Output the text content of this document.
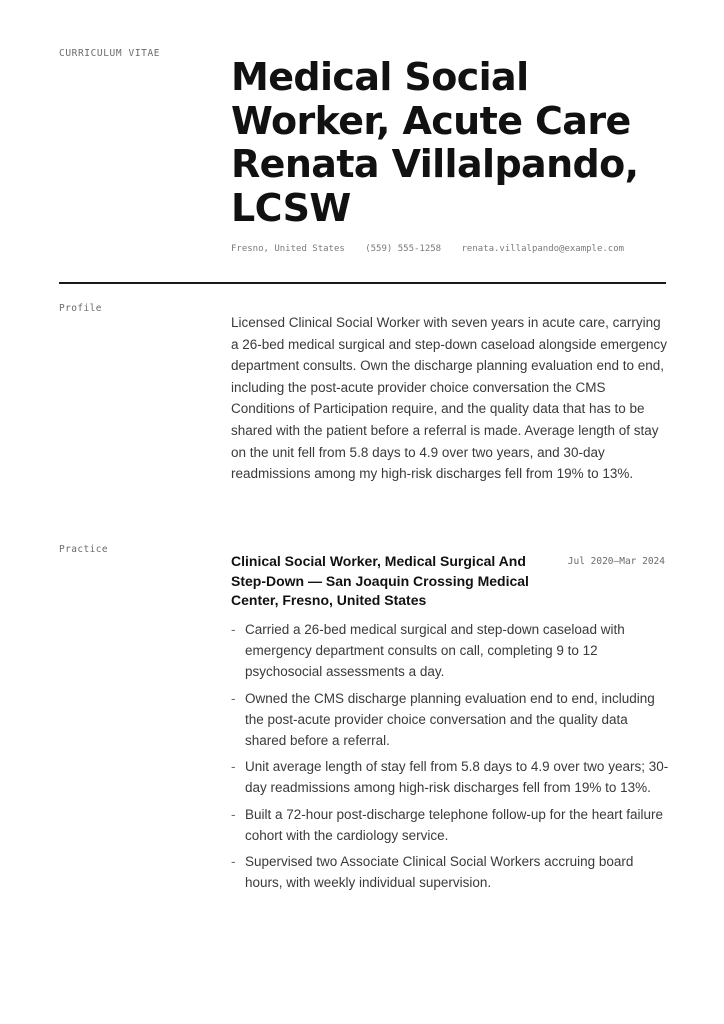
CURRICULUM VITAE
Medical Social Worker, Acute Care Renata Villalpando, LCSW
Fresno, United States (559) 555-1258 renata.villalpando@example.com
Profile

Licensed Clinical Social Worker with seven years in acute care, carrying a 26-bed medical surgical and step-down caseload alongside emergency department consults. Own the discharge planning evaluation end to end, including the post-acute provider choice conversation the CMS Conditions of Participation require, and the quality data that has to be shared with the patient before a referral is made. Average length of stay on the unit fell from 5.8 days to 4.9 over two years, and 30-day readmissions among my high-risk discharges fell from 19% to 13%.

Practice
Clinical Social Worker, Medical Surgical And Step-Down — San Joaquin Crossing Medical Center, Fresno, United States
Jul 2020–Mar 2024
- Carried a 26-bed medical surgical and step-down caseload with emergency department consults on call, completing 9 to 12 psychosocial assessments a day.
- Owned the CMS discharge planning evaluation end to end, including the post-acute provider choice conversation and the quality data shared before a referral.
- Unit average length of stay fell from 5.8 days to 4.9 over two years; 30-day readmissions among high-risk discharges fell from 19% to 13%.
- Built a 72-hour post-discharge telephone follow-up for the heart failure cohort with the cardiology service.
- Supervised two Associate Clinical Social Workers accruing board hours, with weekly individual supervision.
